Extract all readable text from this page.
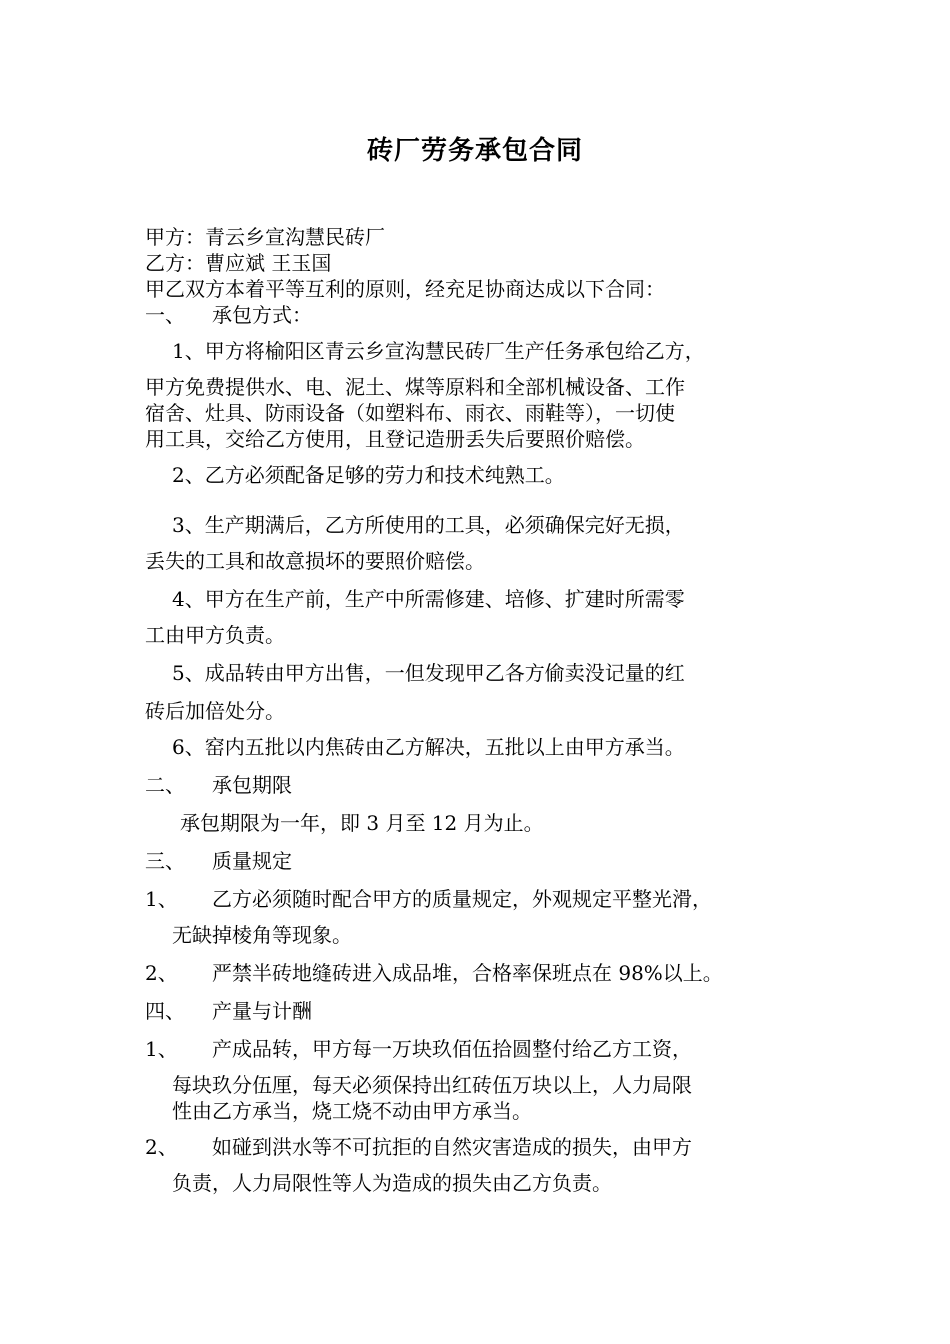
砖厂劳务承包合同
甲方：青云乡宣沟慧民砖厂
乙方：曹应斌 王玉国
甲乙双方本着平等互利的原则，经充足协商达成以下合同：
一、 承包方式：
1、甲方将榆阳区青云乡宣沟慧民砖厂生产任务承包给乙方，
甲方免费提供水、电、泥土、煤等原料和全部机械设备、工作
宿舍、灶具、防雨设备（如塑料布、雨衣、雨鞋等），一切使
用工具，交给乙方使用，且登记造册丢失后要照价赔偿。
2、乙方必须配备足够的劳力和技术纯熟工。
3、生产期满后，乙方所使用的工具，必须确保完好无损，
丢失的工具和故意损坏的要照价赔偿。
4、甲方在生产前，生产中所需修建、培修、扩建时所需零
工由甲方负责。
5、成品转由甲方出售，一但发现甲乙各方偷卖没记量的红
砖后加倍处分。
6、窑内五批以内焦砖由乙方解决，五批以上由甲方承当。
二、 承包期限
承包期限为一年，即 3 月至 12 月为止。
三、 质量规定
1、 乙方必须随时配合甲方的质量规定，外观规定平整光滑，
无缺掉棱角等现象。
2、 严禁半砖地缝砖进入成品堆，合格率保班点在 98%以上。
四、 产量与计酬
1、 产成品转，甲方每一万块玖佰伍拾圆整付给乙方工资，
每块玖分伍厘，每天必须保持出红砖伍万块以上，人力局限
性由乙方承当，烧工烧不动由甲方承当。
2、 如碰到洪水等不可抗拒的自然灾害造成的损失，由甲方
负责，人力局限性等人为造成的损失由乙方负责。
